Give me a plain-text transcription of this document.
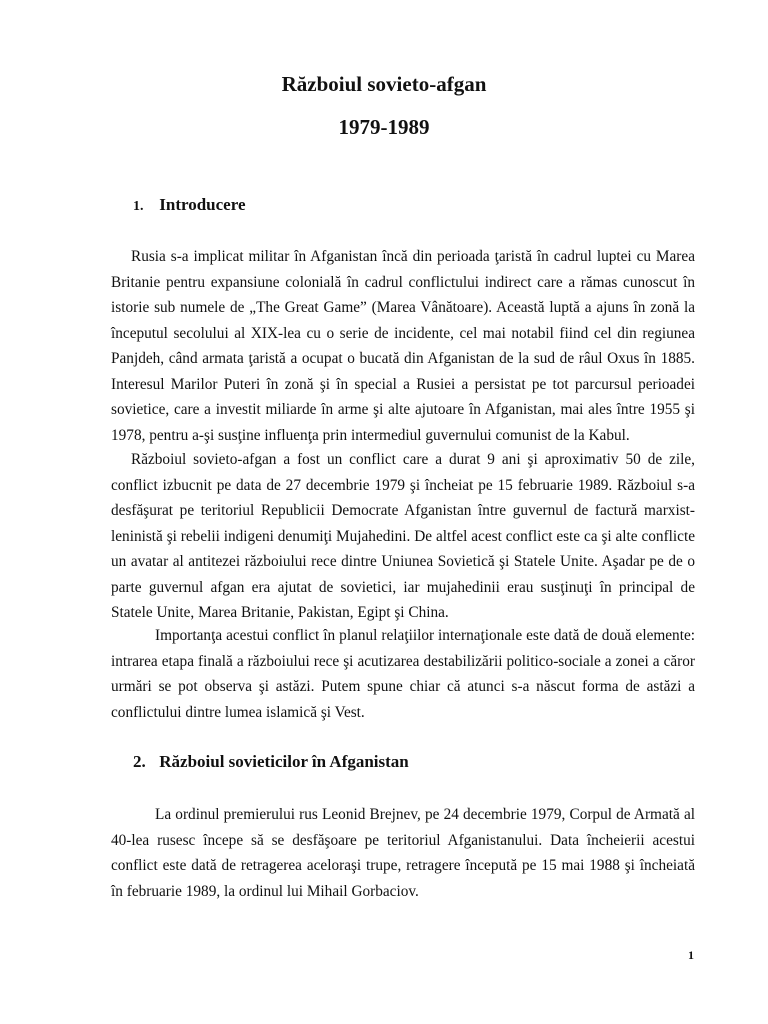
Războiul sovieto-afgan
1979-1989
1. Introducere

Rusia s-a implicat militar în Afganistan încă din perioada ţaristă în cadrul luptei cu Marea Britanie pentru expansiune colonială în cadrul conflictului indirect care a rămas cunoscut în istorie sub numele de „The Great Game” (Marea Vânătoare). Această luptă a ajuns în zonă la începutul secolului al XIX-lea cu o serie de incidente, cel mai notabil fiind cel din regiunea Panjdeh, când armata ţaristă a ocupat o bucată din Afganistan de la sud de râul Oxus în 1885. Interesul Marilor Puteri în zonă şi în special a Rusiei a persistat pe tot parcursul perioadei sovietice, care a investit miliarde în arme şi alte ajutoare în Afganistan, mai ales între 1955 şi 1978, pentru a-şi susţine influenţa prin intermediul guvernului comunist de la Kabul.

Războiul sovieto-afgan a fost un conflict care a durat 9 ani şi aproximativ 50 de zile, conflict izbucnit pe data de 27 decembrie 1979 şi încheiat pe 15 februarie 1989. Războiul s-a desfăşurat pe teritoriul Republicii Democrate Afganistan între guvernul de factură marxist-leninistă şi rebelii indigeni denumiţi Mujahedini. De altfel acest conflict este ca şi alte conflicte un avatar al antitezei războiului rece dintre Uniunea Sovietică şi Statele Unite. Aşadar pe de o parte guvernul afgan era ajutat de sovietici, iar mujahedinii erau susţinuţi în principal de Statele Unite, Marea Britanie, Pakistan, Egipt şi China.

Importanţa acestui conflict în planul relaţiilor internaţionale este dată de două elemente: intrarea etapa finală a războiului rece şi acutizarea destabilizării politico-sociale a zonei a căror urmări se pot observa şi astăzi. Putem spune chiar că atunci s-a născut forma de astăzi a conflictului dintre lumea islamică şi Vest.

2. Războiul sovieticilor în Afganistan

La ordinul premierului rus Leonid Brejnev, pe 24 decembrie 1979, Corpul de Armată al 40-lea rusesc începe să se desfăşoare pe teritoriul Afganistanului. Data încheierii acestui conflict este dată de retragerea aceloraşi trupe, retragere începută pe 15 mai 1988 şi încheiată în februarie 1989, la ordinul lui Mihail Gorbaciov.

1
